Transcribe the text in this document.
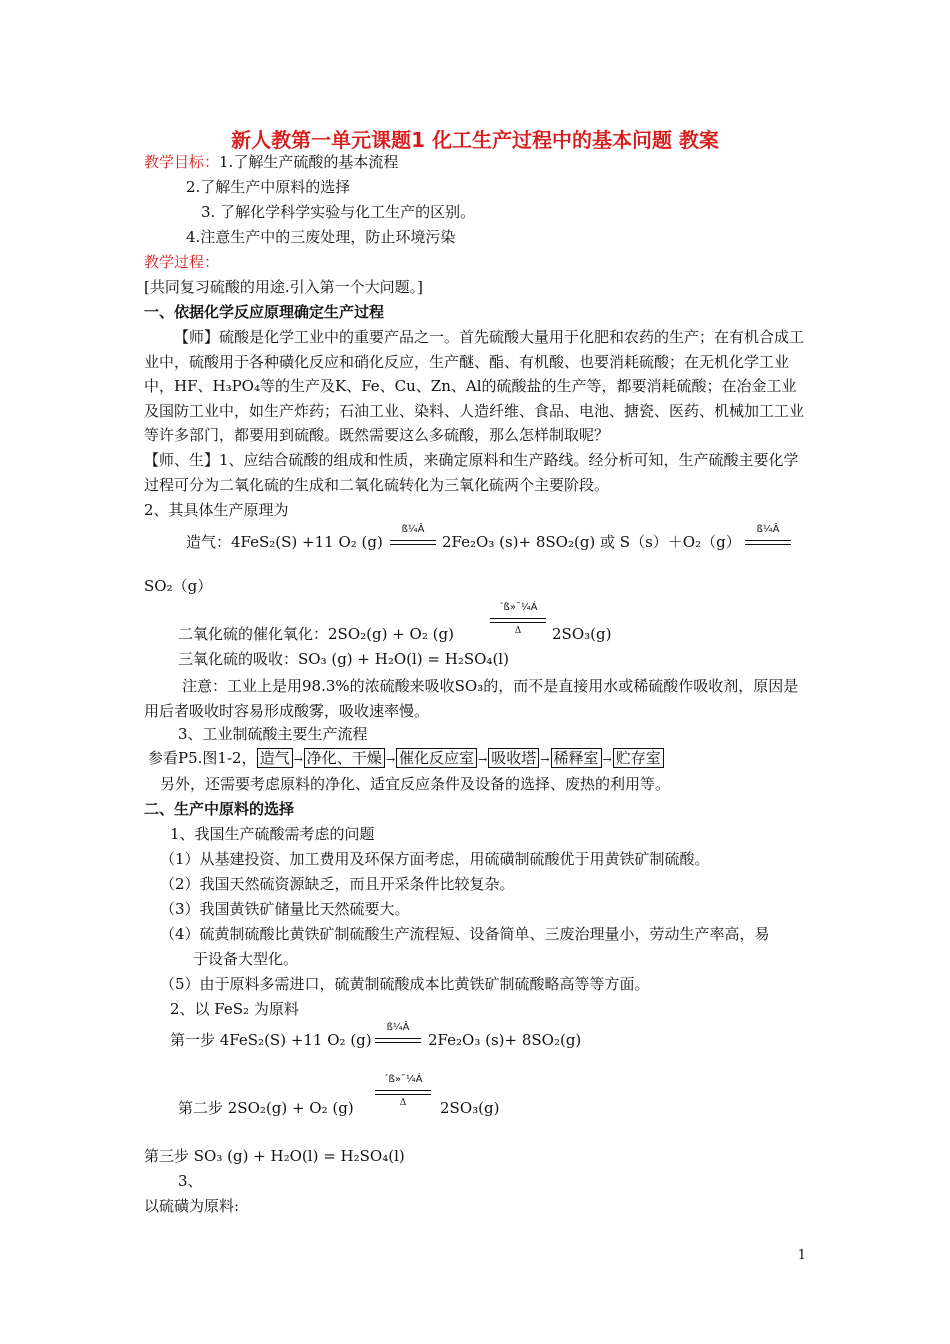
新人教第一单元课题1 化工生产过程中的基本问题 教案
教学目标：1.了解生产硫酸的基本流程
2.了解生产中原料的选择
3. 了解化学科学实验与化工生产的区别。
4.注意生产中的三废处理，防止环境污染
教学过程：
[共同复习硫酸的用途.引入第一个大问题。]
一、依据化学反应原理确定生产过程
【师】硫酸是化学工业中的重要产品之一。首先硫酸大量用于化肥和农药的生产；在有机合成工业中，硫酸用于各种磺化反应和硝化反应，生产醚、酯、有机酸、也要消耗硫酸；在无机化学工业中，HF、H₃PO₄等的生产及K、Fe、Cu、Zn、Al的硫酸盐的生产等，都要消耗硫酸；在冶金工业及国防工业中，如生产炸药；石油工业、染料、人造纤维、食品、电池、搪瓷、医药、机械加工工业等许多部门，都要用到硫酸。既然需要这么多硫酸，那么怎样制取呢？
【师、生】1、应结合硫酸的组成和性质，来确定原料和生产路线。经分析可知，生产硫酸主要化学过程可分为二氧化硫的生成和二氧化硫转化为三氧化硫两个主要阶段。
2、其具体生产原理为
造气：4FeS₂(S) +11 O₂ (g)
ß¼Â
2Fe₂O₃ (s)+ 8SO₂(g) 或 S（s）＋O₂（g）
ß¼Â
SO₂（g）
二氧化硫的催化氧化：2SO₂(g) + O₂ (g)
´ß»¯¼Á
Δ	2SO₃(g)
三氧化硫的吸收：SO₃ (g) + H₂O(l) = H₂SO₄(l)
注意：工业上是用98.3%的浓硫酸来吸收SO₃的，而不是直接用水或稀硫酸作吸收剂，原因是用后者吸收时容易形成酸雾，吸收速率慢。
3、工业制硫酸主要生产流程
参看P5.图1-2， 造气 → 净化、干燥 → 催化反应室 → 吸收塔 → 稀释室 → 贮存室
另外，还需要考虑原料的净化、适宜反应条件及设备的选择、废热的利用等。
二、生产中原料的选择
1、我国生产硫酸需考虑的问题
（1）从基建投资、加工费用及环保方面考虑，用硫磺制硫酸优于用黄铁矿制硫酸。
（2）我国天然硫资源缺乏，而且开采条件比较复杂。
（3）我国黄铁矿储量比天然硫要大。
（4）硫黄制硫酸比黄铁矿制硫酸生产流程短、设备简单、三废治理量小，劳动生产率高，易
于设备大型化。
（5）由于原料多需进口，硫黄制硫酸成本比黄铁矿制硫酸略高等等方面。
2、以 FeS₂ 为原料
第一步 4FeS₂(S) +11 O₂ (g)
ß¼Â
2Fe₂O₃ (s)+ 8SO₂(g)
第二步 2SO₂(g) + O₂ (g)
´ß»¯¼Á
Δ	2SO₃(g)
第三步 SO₃ (g) + H₂O(l) = H₂SO₄(l)
3、
以硫磺为原料:
1
